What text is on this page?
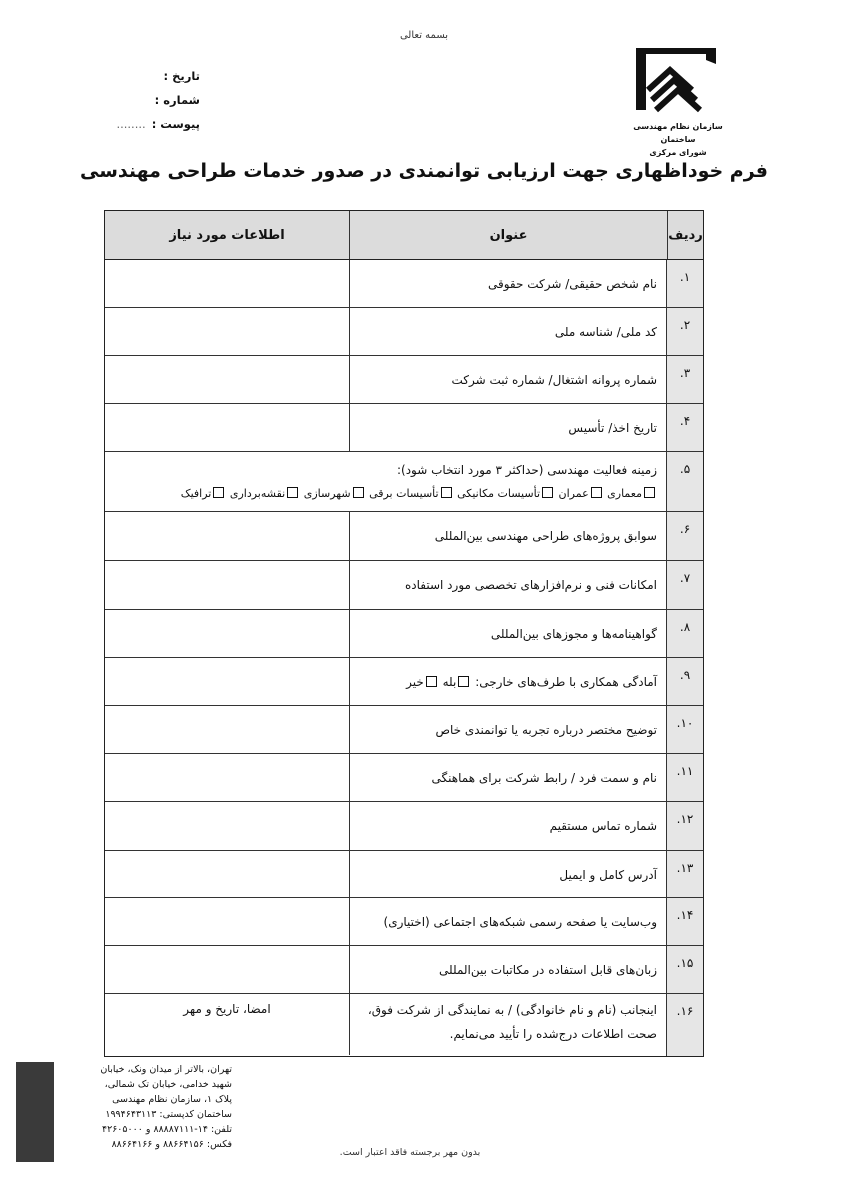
بسمه تعالی
سازمان نظام مهندسی ساختمان
شورای مرکزی
تاریخ :
شماره :
پیوست :........
فرم خوداظهاری جهت ارزیابی توانمندی در صدور خدمات طراحی مهندسی
ردیف
عنوان
اطلاعات مورد نیاز
۱.
نام شخص حقیقی/ شرکت حقوقی
۲.
کد ملی/ شناسه ملی
۳.
شماره پروانه اشتغال/ شماره ثبت شرکت
۴.
تاریخ اخذ/ تأسیس
۵.
زمینه فعالیت مهندسی (حداکثر ۳ مورد انتخاب شود):
معماری عمران تأسیسات مکانیکی تأسیسات برقی شهرسازی نقشه‌برداری ترافیک
۶.
سوابق پروژه‌های طراحی مهندسی بین‌المللی
۷.
امکانات فنی و نرم‌افزارهای تخصصی مورد استفاده
۸.
گواهینامه‌ها و مجوزهای بین‌المللی
۹.
آمادگی همکاری با طرف‌های خارجی: بله خیر
۱۰.
توضیح مختصر درباره تجربه یا توانمندی خاص
۱۱.
نام و سمت فرد / رابط شرکت برای هماهنگی
۱۲.
شماره تماس مستقیم
۱۳.
آدرس کامل و ایمیل
۱۴.
وب‌سایت یا صفحه رسمی شبکه‌های اجتماعی (اختیاری)
۱۵.
زبان‌های قابل استفاده در مکاتبات بین‌المللی
۱۶.
اینجانب (نام و نام خانوادگی) / به نمایندگی از شرکت فوق، صحت اطلاعات درج‌شده را تأیید می‌نمایم.
امضا، تاریخ و مهر
تهران، بالاتر از میدان ونک، خیابان
شهید خدامی، خیابان تک شمالی،
پلاک ۱، سازمان نظام مهندسی
ساختمان کدپستی: ۱۹۹۴۶۴۳۱۱۳
تلفن: ۱۴-۸۸۸۸۷۱۱۱ و ۴۲۶۰۵۰۰۰
فکس: ۸۸۶۶۴۱۵۶ و ۸۸۶۶۴۱۶۶
بدون مهر برجسته فاقد اعتبار است.
